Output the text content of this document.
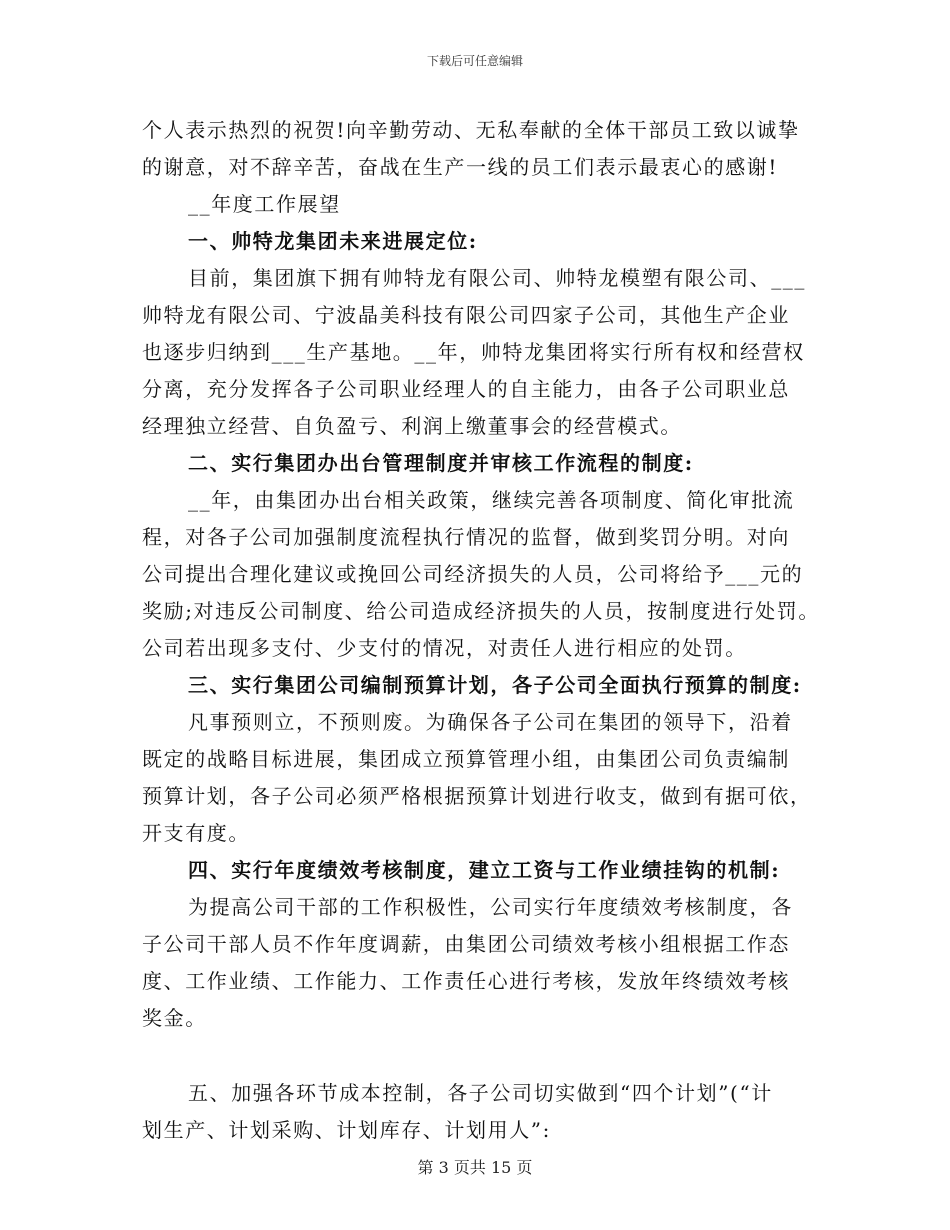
下载后可任意编辑
个人表示热烈的祝贺!向辛勤劳动、无私奉献的全体干部员工致以诚挚
的谢意，对不辞辛苦，奋战在生产一线的员工们表示最衷心的感谢!
__年度工作展望
一、帅特龙集团未来进展定位:
目前，集团旗下拥有帅特龙有限公司、帅特龙模塑有限公司、___
帅特龙有限公司、宁波晶美科技有限公司四家子公司，其他生产企业
也逐步归纳到___生产基地。__年，帅特龙集团将实行所有权和经营权
分离，充分发挥各子公司职业经理人的自主能力，由各子公司职业总
经理独立经营、自负盈亏、利润上缴董事会的经营模式。
二、实行集团办出台管理制度并审核工作流程的制度:
__年，由集团办出台相关政策，继续完善各项制度、简化审批流
程，对各子公司加强制度流程执行情况的监督，做到奖罚分明。对向
公司提出合理化建议或挽回公司经济损失的人员，公司将给予___元的
奖励;对违反公司制度、给公司造成经济损失的人员，按制度进行处罚。
公司若出现多支付、少支付的情况，对责任人进行相应的处罚。
三、实行集团公司编制预算计划，各子公司全面执行预算的制度:
凡事预则立，不预则废。为确保各子公司在集团的领导下，沿着
既定的战略目标进展，集团成立预算管理小组，由集团公司负责编制
预算计划，各子公司必须严格根据预算计划进行收支，做到有据可依，
开支有度。
四、实行年度绩效考核制度，建立工资与工作业绩挂钩的机制:
为提高公司干部的工作积极性，公司实行年度绩效考核制度，各
子公司干部人员不作年度调薪，由集团公司绩效考核小组根据工作态
度、工作业绩、工作能力、工作责任心进行考核，发放年终绩效考核
奖金。
五、加强各环节成本控制，各子公司切实做到“四个计划”(“计
划生产、计划采购、计划库存、计划用人”:
第 3 页共 15 页
